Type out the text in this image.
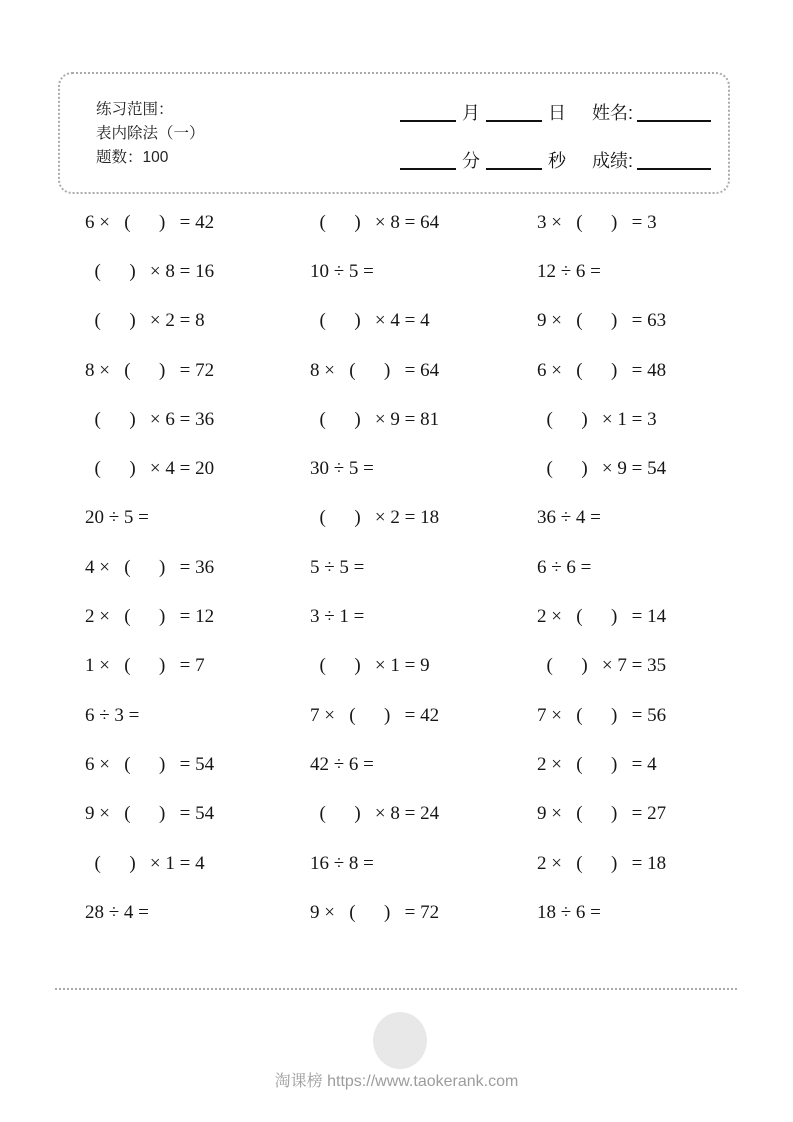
练习范围：
表内除法（一）
题数：100
月	日 姓名:
分	秒 成绩:
6 ×   (      )   = 42	(      )   × 8 = 64	3 ×   (      )   = 3
(      )   × 8 = 16	10 ÷ 5 =	12 ÷ 6 =
(      )   × 2 = 8	(      )   × 4 = 4	9 ×   (      )   = 63
8 ×   (      )   = 72	8 ×   (      )   = 64	6 ×   (      )   = 48
(      )   × 6 = 36	(      )   × 9 = 81	(      )   × 1 = 3
(      )   × 4 = 20	30 ÷ 5 =	(      )   × 9 = 54
20 ÷ 5 =	(      )   × 2 = 18	36 ÷ 4 =
4 ×   (      )   = 36	5 ÷ 5 =	6 ÷ 6 =
2 ×   (      )   = 12	3 ÷ 1 =	2 ×   (      )   = 14
1 ×   (      )   = 7	(      )   × 1 = 9	(      )   × 7 = 35
6 ÷ 3 =	7 ×   (      )   = 42	7 ×   (      )   = 56
6 ×   (      )   = 54	42 ÷ 6 =	2 ×   (      )   = 4
9 ×   (      )   = 54	(      )   × 8 = 24	9 ×   (      )   = 27
(      )   × 1 = 4	16 ÷ 8 =	2 ×   (      )   = 18
28 ÷ 4 =	9 ×   (      )   = 72	18 ÷ 6 =
淘课榜 https://www.taokerank.com
